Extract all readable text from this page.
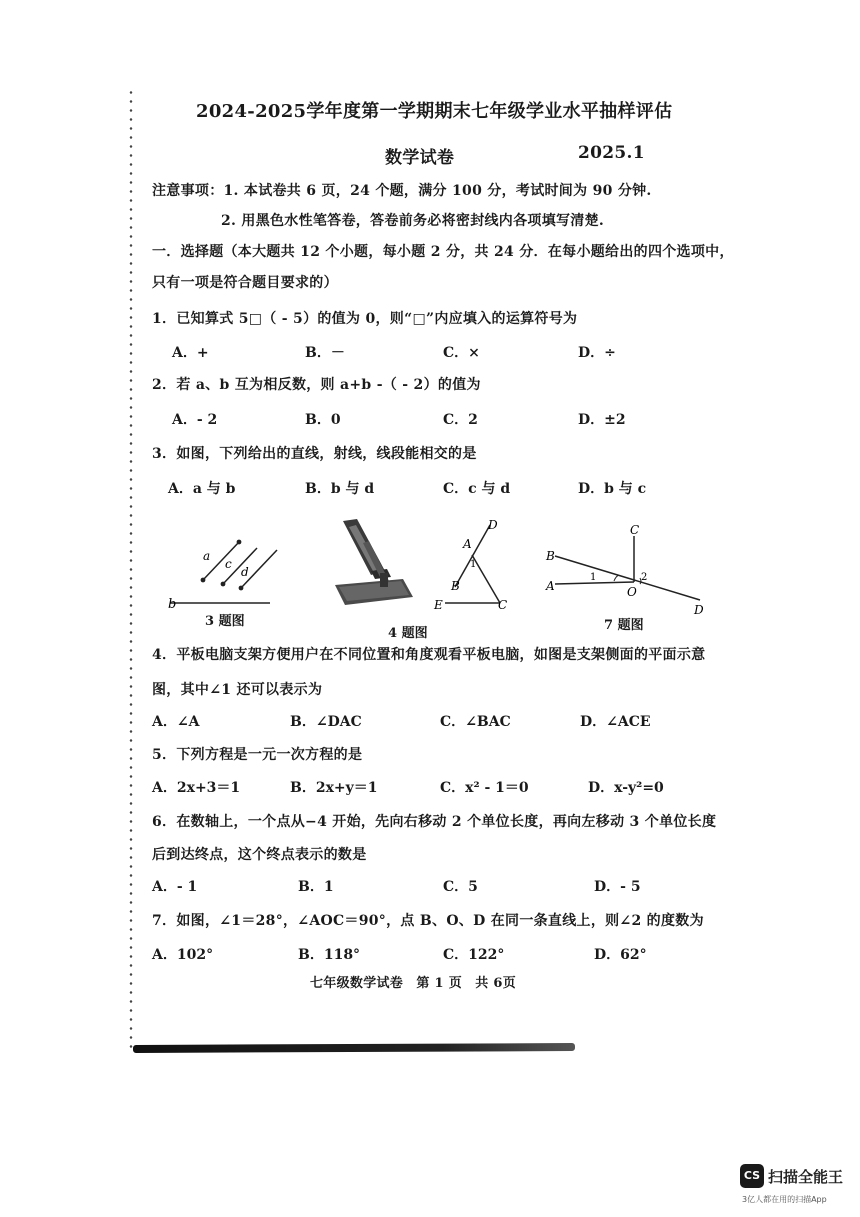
2024-2025学年度第一学期期末七年级学业水平抽样评估
数学试卷	2025.1
注意事项：1. 本试卷共 6 页，24 个题，满分 100 分，考试时间为 90 分钟.
2. 用黑色水性笔答卷，答卷前务必将密封线内各项填写清楚.
一．选择题（本大题共 12 个小题，每小题 2 分，共 24 分．在每小题给出的四个选项中，
只有一项是符合题目要求的）
1．已知算式 5□（ - 5）的值为 0，则“□”内应填入的运算符号为
A．+	B．－	C．×	D．÷
2．若 a、b 互为相反数，则 a+b -（ - 2）的值为
A．- 2	B．0	C．2	D．±2
3．如图，下列给出的直线，射线，线段能相交的是
A．a 与 b	B．b 与 d	C．c 与 d	D．b 与 c
a
c
d
b
3 题图
D
A
1
B
E	C
4 题图
C
B
1	2
A	O
D
7 题图
4．平板电脑支架方便用户在不同位置和角度观看平板电脑，如图是支架侧面的平面示意
图，其中∠1 还可以表示为
A．∠A	B．∠DAC	C．∠BAC	D．∠ACE
5．下列方程是一元一次方程的是
A．2x+3＝1	B．2x+y＝1	C．x² - 1＝0	D．x-y²=0
6．在数轴上，一个点从−4 开始，先向右移动 2 个单位长度，再向左移动 3 个单位长度
后到达终点，这个终点表示的数是
A．- 1	B．1	C．5	D．- 5
7．如图，∠1＝28°，∠AOC＝90°，点 B、O、D 在同一条直线上，则∠2 的度数为
A．102°	B．118°	C．122°	D．62°
七年级数学试卷　第 1 页　共 6页
CS 扫描全能王
3亿人都在用的扫描App
